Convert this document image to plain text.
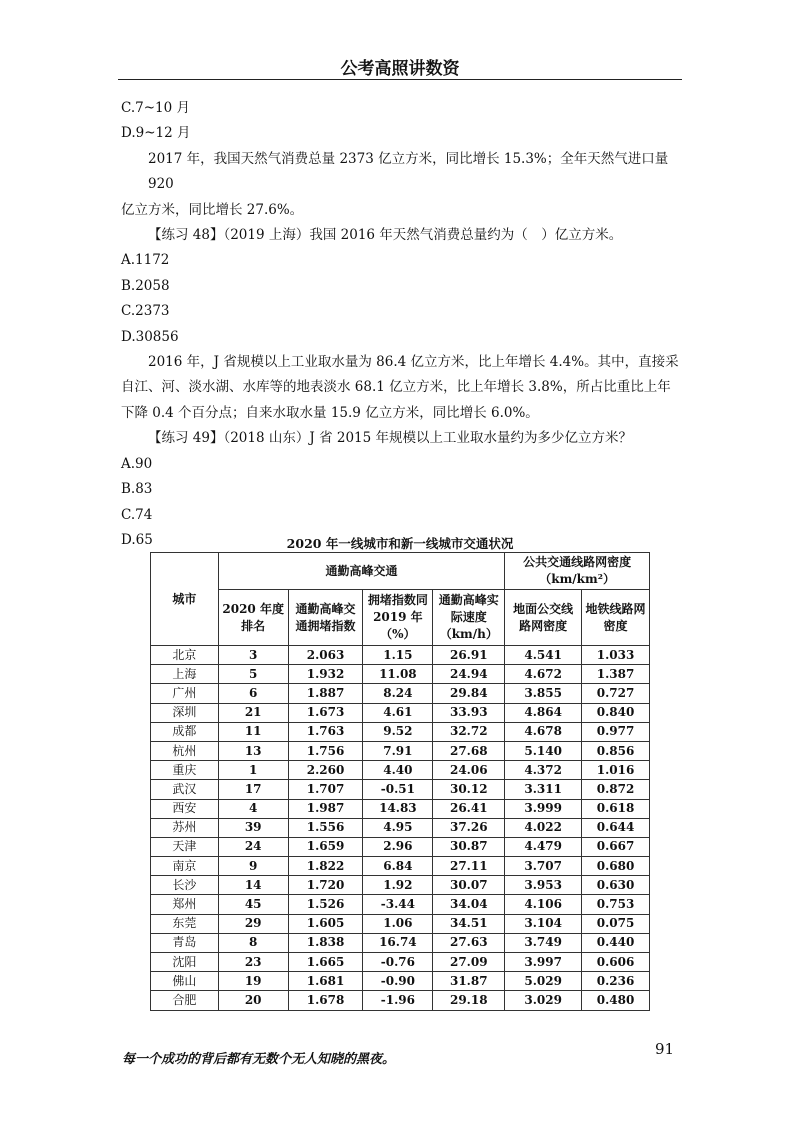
公考高照讲数资

C.7~10 月

D.9~12 月

2017 年，我国天然气消费总量 2373 亿立方米，同比增长 15.3%；全年天然气进口量 920

亿立方米，同比增长 27.6%。

【练习 48】（2019 上海）我国 2016 年天然气消费总量约为（　）亿立方米。

A.1172

B.2058

C.2373

D.30856

2016 年，J 省规模以上工业取水量为 86.4 亿立方米，比上年增长 4.4%。其中，直接采

自江、河、淡水湖、水库等的地表淡水 68.1 亿立方米，比上年增长 3.8%，所占比重比上年

下降 0.4 个百分点；自来水取水量 15.9 亿立方米，同比增长 6.0%。

【练习 49】（2018 山东）J 省 2015 年规模以上工业取水量约为多少亿立方米？

A.90

B.83

C.74

D.65	2020 年一线城市和新一线城市交通状况
城市	通勤高峰交通				公共交通线路网密度（km/km²）	
	2020 年度排名	通勤高峰交通拥堵指数	拥堵指数同 2019 年（%）	通勤高峰实际速度（km/h）	地面公交线路网密度	地铁线路网密度
北京	3	2.063	1.15	26.91	4.541	1.033
上海	5	1.932	11.08	24.94	4.672	1.387
广州	6	1.887	8.24	29.84	3.855	0.727
深圳	21	1.673	4.61	33.93	4.864	0.840
成都	11	1.763	9.52	32.72	4.678	0.977
杭州	13	1.756	7.91	27.68	5.140	0.856
重庆	1	2.260	4.40	24.06	4.372	1.016
武汉	17	1.707	-0.51	30.12	3.311	0.872
西安	4	1.987	14.83	26.41	3.999	0.618
苏州	39	1.556	4.95	37.26	4.022	0.644
天津	24	1.659	2.96	30.87	4.479	0.667
南京	9	1.822	6.84	27.11	3.707	0.680
长沙	14	1.720	1.92	30.07	3.953	0.630
郑州	45	1.526	-3.44	34.04	4.106	0.753
东莞	29	1.605	1.06	34.51	3.104	0.075
青岛	8	1.838	16.74	27.63	3.749	0.440
沈阳	23	1.665	-0.76	27.09	3.997	0.606
佛山	19	1.681	-0.90	31.87	5.029	0.236
合肥	20	1.678	-1.96	29.18	3.029	0.480
每一个成功的背后都有无数个无人知晓的黑夜。
91
